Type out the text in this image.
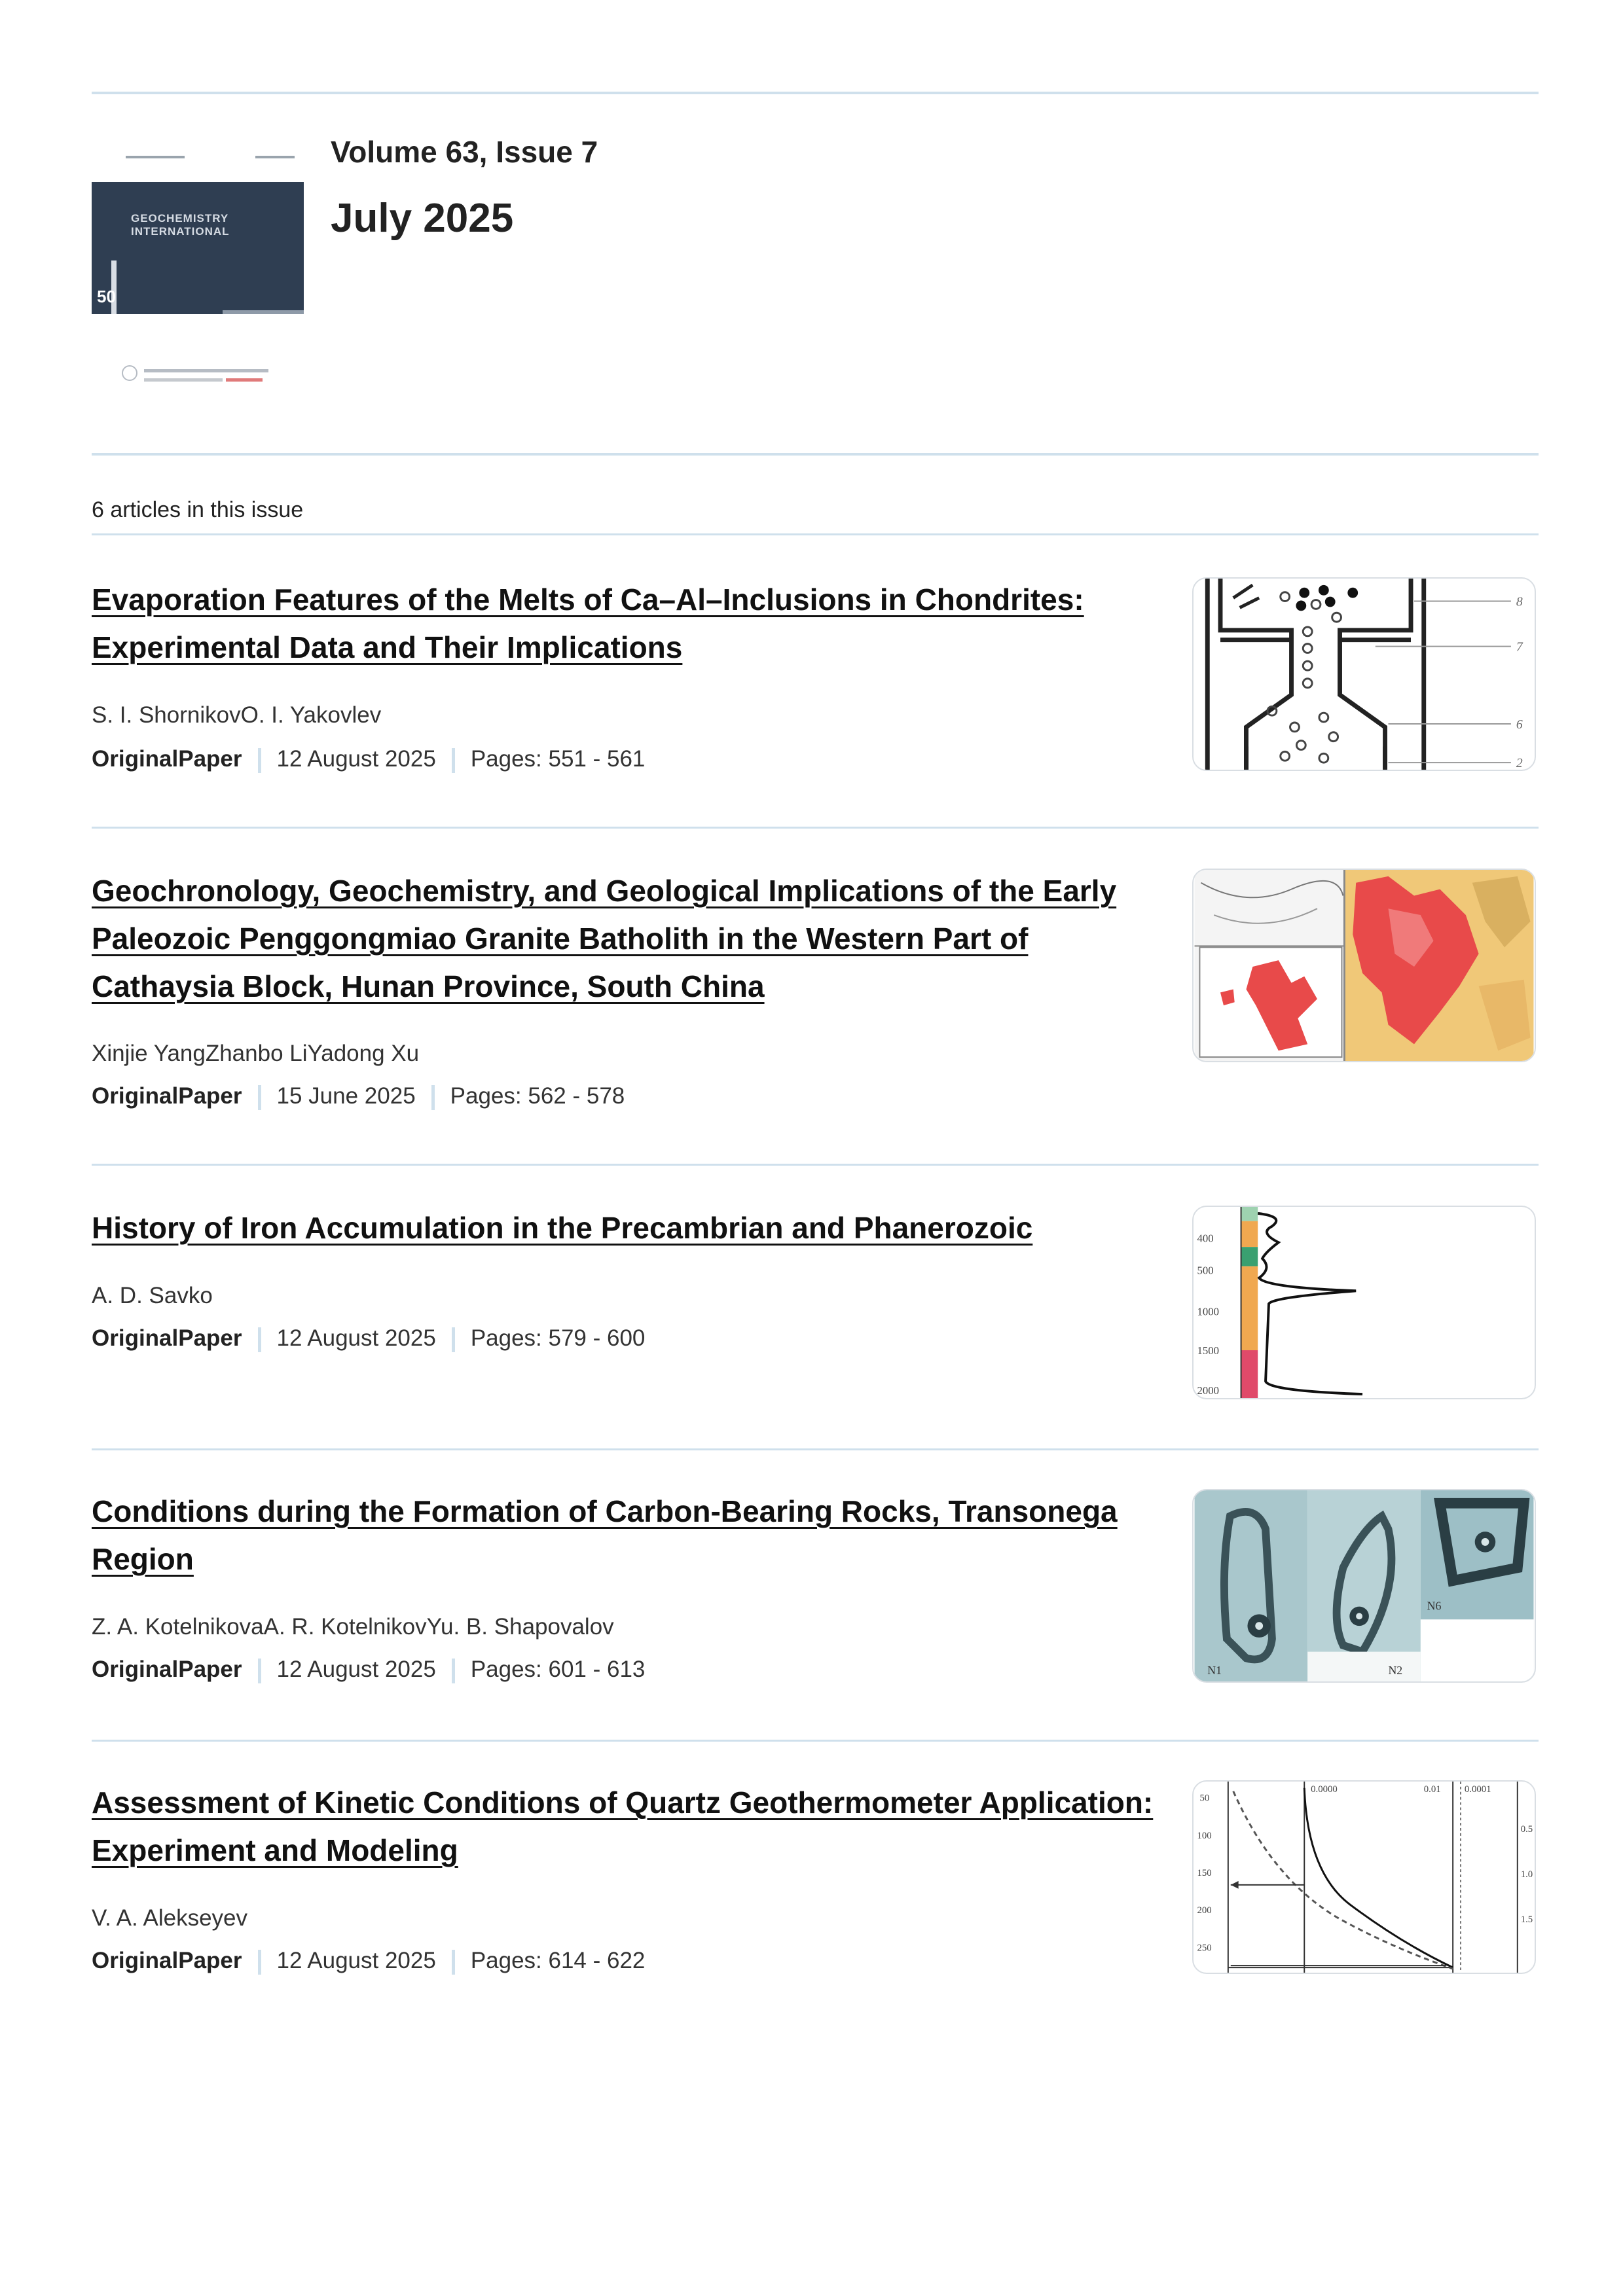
GEOCHEMISTRY INTERNATIONAL
50
Volume 63, Issue 7
July 2025
6 articles in this issue
Evaporation Features of the Melts of Ca–Al–Inclusions in Chondrites: Experimental Data and Their Implications
S. I. ShornikovO. I. Yakovlev
OriginalPaper 12 August 2025 Pages: 551 - 561
8
7
6
2
Geochronology, Geochemistry, and Geological Implications of the Early Paleozoic Penggongmiao Granite Batholith in the Western Part of Cathaysia Block, Hunan Province, South China
Xinjie YangZhanbo LiYadong Xu
OriginalPaper 15 June 2025 Pages: 562 - 578
History of Iron Accumulation in the Precambrian and Phanerozoic
A. D. Savko
OriginalPaper 12 August 2025 Pages: 579 - 600
400
500
1000
1500
2000
Conditions during the Formation of Carbon-Bearing Rocks, Transonega Region
Z. A. KotelnikovaA. R. KotelnikovYu. B. Shapovalov
OriginalPaper 12 August 2025 Pages: 601 - 613	N1	N2
N6
Assessment of Kinetic Conditions of Quartz Geothermometer Application: Experiment and Modeling
V. A. Alekseyev
OriginalPaper 12 August 2025 Pages: 614 - 622
50
100
150
200
250
0.0000	0.01 0.0001
0.5
1.0
1.5
